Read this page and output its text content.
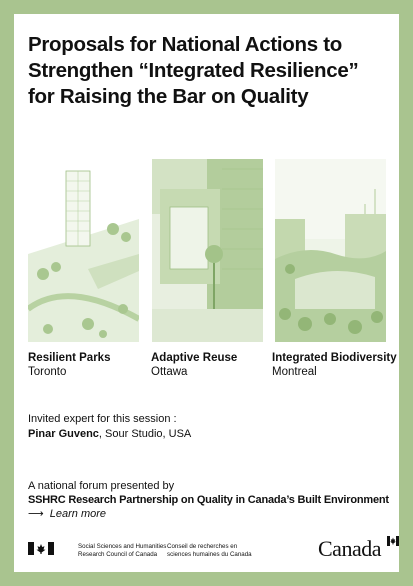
Proposals for National Actions to
Strengthen “Integrated Resilience”
for Raising the Bar on Quality
Resilient Parks
Toronto
Adaptive Reuse
Ottawa
Integrated Biodiversity
Montreal
Invited expert for this session :
Pinar Guvenc, Sour Studio, USA
A national forum presented by
SSHRC Research Partnership on Quality in Canada’s Built Environment
⟶ Learn more
Social Sciences and Humanities
Research Council of Canada
Conseil de recherches en
sciences humaines du Canada	Canada
